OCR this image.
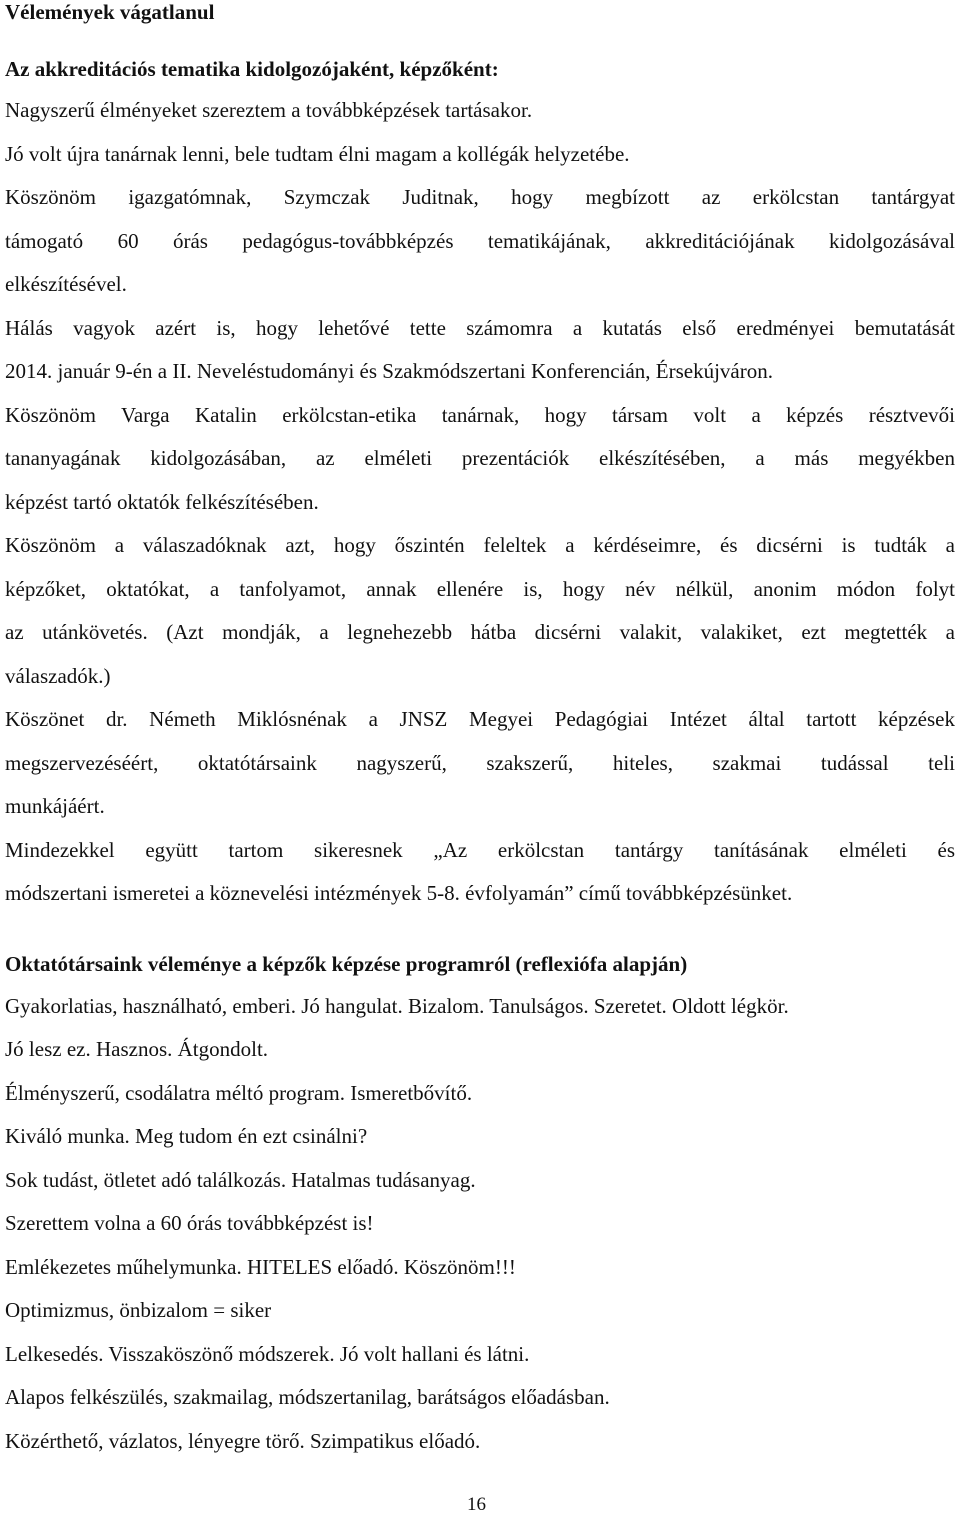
Vélemények vágatlanul
Az akkreditációs tematika kidolgozójaként, képzőként:
Nagyszerű élményeket szereztem a továbbképzések tartásakor.
Jó volt újra tanárnak lenni, bele tudtam élni magam a kollégák helyzetébe.
Köszönöm igazgatómnak, Szymczak Juditnak, hogy megbízott az erkölcstan tantárgyat
támogató 60 órás pedagógus-továbbképzés tematikájának, akkreditációjának kidolgozásával
elkészítésével.
Hálás vagyok azért is, hogy lehetővé tette számomra a kutatás első eredményei bemutatását
2014. január 9-én a II. Neveléstudományi és Szakmódszertani Konferencián, Érsekújváron.
Köszönöm Varga Katalin erkölcstan-etika tanárnak, hogy társam volt a képzés résztvevői
tananyagának kidolgozásában, az elméleti prezentációk elkészítésében, a más megyékben
képzést tartó oktatók felkészítésében.
Köszönöm a válaszadóknak azt, hogy őszintén feleltek a kérdéseimre, és dicsérni is tudták a
képzőket, oktatókat, a tanfolyamot, annak ellenére is, hogy név nélkül, anonim módon folyt
az utánkövetés. (Azt mondják, a legnehezebb hátba dicsérni valakit, valakiket, ezt megtették a
válaszadók.)
Köszönet dr. Németh Miklósnénak a JNSZ Megyei Pedagógiai Intézet által tartott képzések
megszervezéséért, oktatótársaink nagyszerű, szakszerű, hiteles, szakmai tudással teli
munkájáért.
Mindezekkel együtt tartom sikeresnek „Az erkölcstan tantárgy tanításának elméleti és
módszertani ismeretei a köznevelési intézmények 5-8. évfolyamán” című továbbképzésünket.
Oktatótársaink véleménye a képzők képzése programról (reflexiófa alapján)
Gyakorlatias, használható, emberi. Jó hangulat. Bizalom. Tanulságos. Szeretet. Oldott légkör.
Jó lesz ez. Hasznos. Átgondolt.
Élményszerű, csodálatra méltó program. Ismeretbővítő.
Kiváló munka. Meg tudom én ezt csinálni?
Sok tudást, ötletet adó találkozás. Hatalmas tudásanyag.
Szerettem volna a 60 órás továbbképzést is!
Emlékezetes műhelymunka. HITELES előadó. Köszönöm!!!
Optimizmus, önbizalom = siker
Lelkesedés. Visszaköszönő módszerek. Jó volt hallani és látni.
Alapos felkészülés, szakmailag, módszertanilag, barátságos előadásban.
Közérthető, vázlatos, lényegre törő. Szimpatikus előadó.
16
